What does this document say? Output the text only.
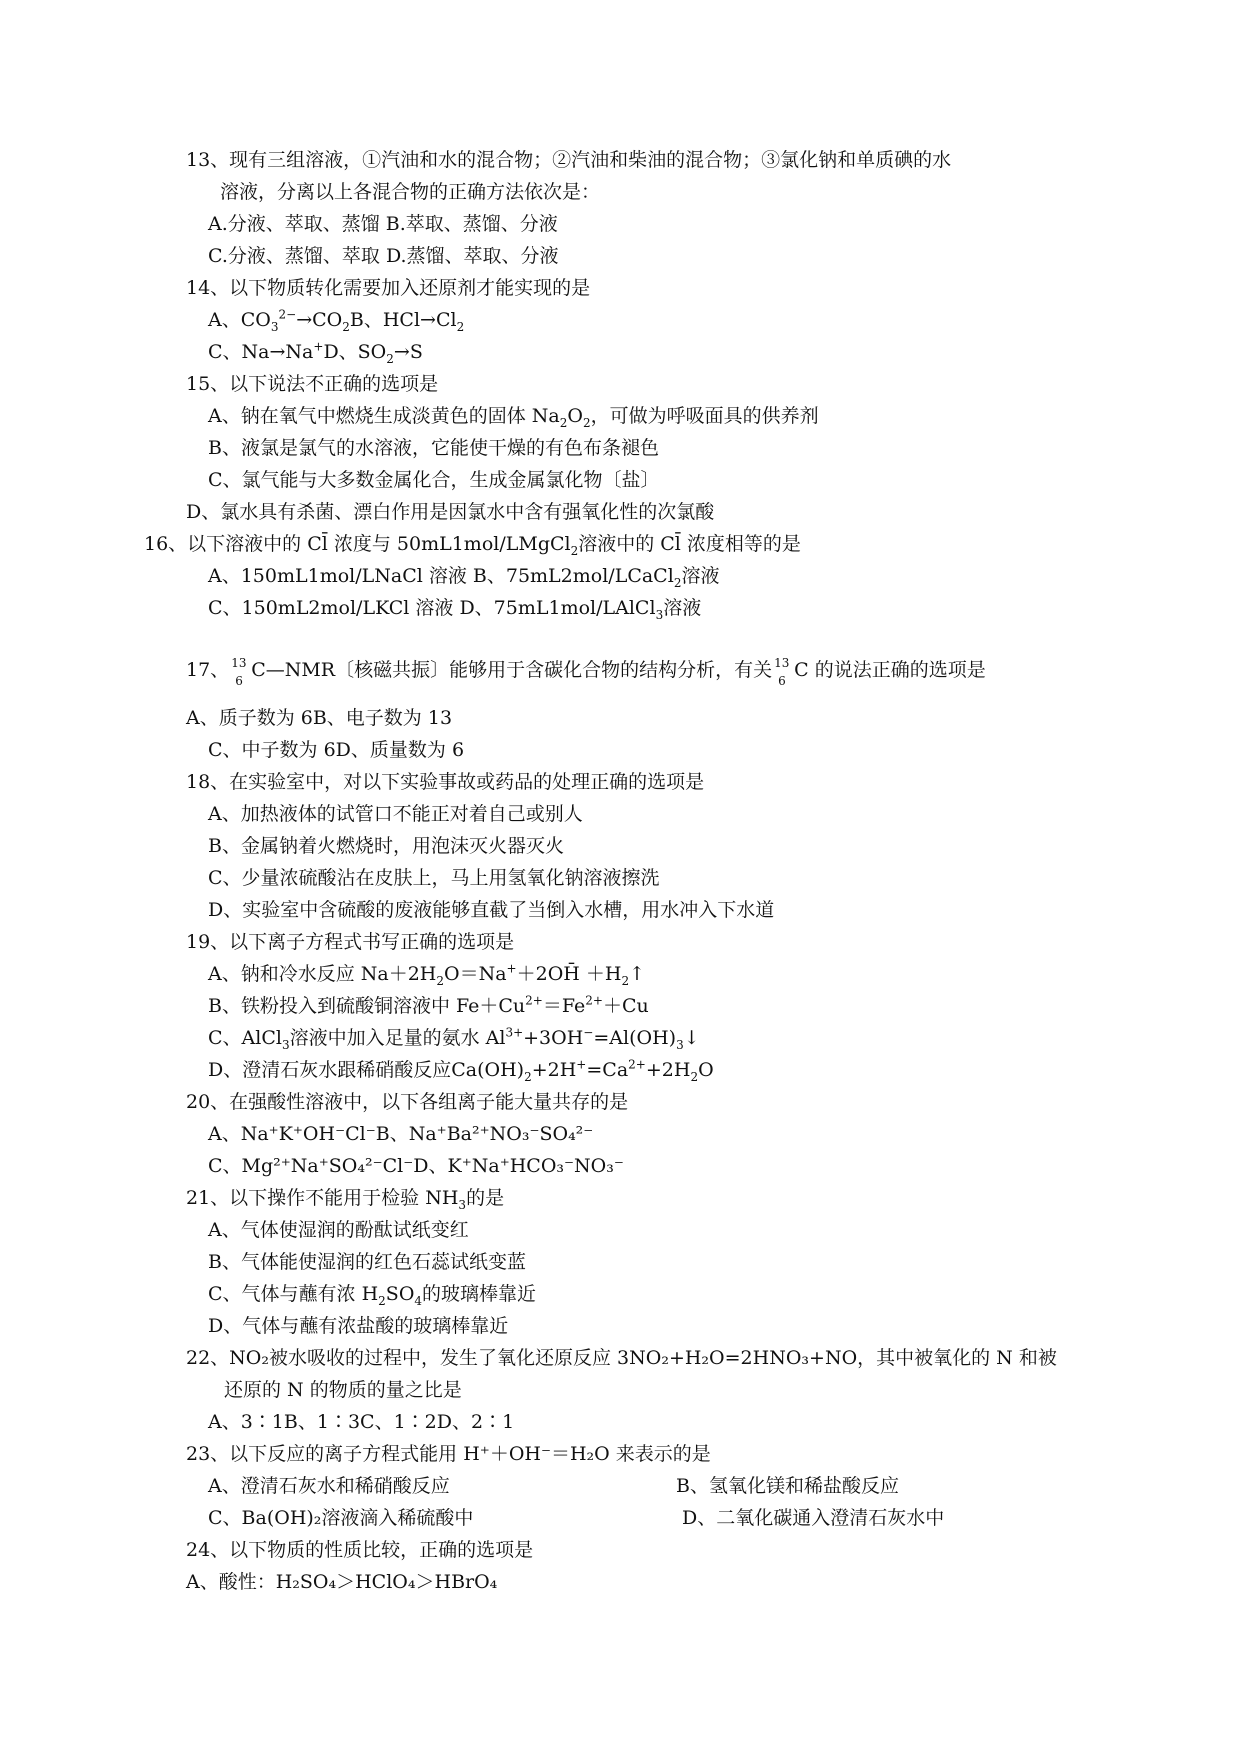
13、现有三组溶液，①汽油和水的混合物；②汽油和柴油的混合物；③氯化钠和单质碘的水
溶液，分离以上各混合物的正确方法依次是：
A.分液、萃取、蒸馏 B.萃取、蒸馏、分液
C.分液、蒸馏、萃取 D.蒸馏、萃取、分液
14、以下物质转化需要加入还原剂才能实现的是
A、$CO_3^{2-}\to CO_2B$、$HCl\to Cl_2$
C、Na→Na+D、$SO_2\to S$
15、以下说法不正确的选项是
A、钠在氧气中燃烧生成淡黄色的固体 $Na_2O_2$，可做为呼吸面具的供养剂
B、液氯是氯气的水溶液，它能使干燥的有色布条褪色
C、氯气能与大多数金属化合，生成金属氯化物〔盐〕
D、氯水具有杀菌、漂白作用是因氯水中含有强氧化性的次氯酸
16、以下溶液中的 Cl̄ 浓度与 50mL1mol/LMgCl$_2$溶液中的 Cl̄ 浓度相等的是
A、150mL1mol/LNaCl 溶液 B、75mL2mol/LCaCl$_2$溶液
C、150mL2mol/LKCl 溶液 D、75mL1mol/LAlCl$_3$溶液
17、 13
6 C—NMR〔核磁共振〕能够用于含碳化合物的结构分析，有关 13
6 C 的说法正确的选项是
A、质子数为 6B、电子数为 13
C、中子数为 6D、质量数为 6
18、在实验室中，对以下实验事故或药品的处理正确的选项是
A、加热液体的试管口不能正对着自己或别人
B、金属钠着火燃烧时，用泡沫灭火器灭火
C、少量浓硫酸沾在皮肤上，马上用氢氧化钠溶液擦洗
D、实验室中含硫酸的废液能够直截了当倒入水槽，用水冲入下水道
19、以下离子方程式书写正确的选项是
A、钠和冷水反应 $Na+2H_2O=Na^++2OH̄$ $+H_2↑$
B、铁粉投入到硫酸铜溶液中 $Fe+Cu^{2+}=Fe^{2+}+Cu$
C、AlCl$_3$溶液中加入足量的氨水 $Al^{3+}+3OH^-=Al(OH)_3↓$
D、澄清石灰水跟稀硝酸反应$Ca(OH)_2+2H^+=Ca^{2+}+2H_2O$
20、在强酸性溶液中，以下各组离子能大量共存的是
A、Na⁺K⁺OH⁻Cl⁻B、Na⁺Ba²⁺NO₃⁻SO₄²⁻
C、Mg²⁺Na⁺SO₄²⁻Cl⁻D、K⁺Na⁺HCO₃⁻NO₃⁻
21、以下操作不能用于检验 $NH_3$的是
A、气体使湿润的酚酞试纸变红
B、气体能使湿润的红色石蕊试纸变蓝
C、气体与蘸有浓 $H_2SO_4$的玻璃棒靠近
D、气体与蘸有浓盐酸的玻璃棒靠近
22、NO₂被水吸收的过程中，发生了氧化还原反应 3NO₂+H₂O=2HNO₃+NO，其中被氧化的 N 和被
还原的 N 的物质的量之比是
A、3∶1B、1∶3C、1∶2D、2∶1
23、以下反应的离子方程式能用 H⁺＋OH⁻＝H₂O 来表示的是
A、澄清石灰水和稀硝酸反应	B、氢氧化镁和稀盐酸反应
C、Ba(OH)₂溶液滴入稀硫酸中	D、二氧化碳通入澄清石灰水中
24、以下物质的性质比较，正确的选项是
A、酸性：H₂SO₄＞HClO₄＞HBrO₄
